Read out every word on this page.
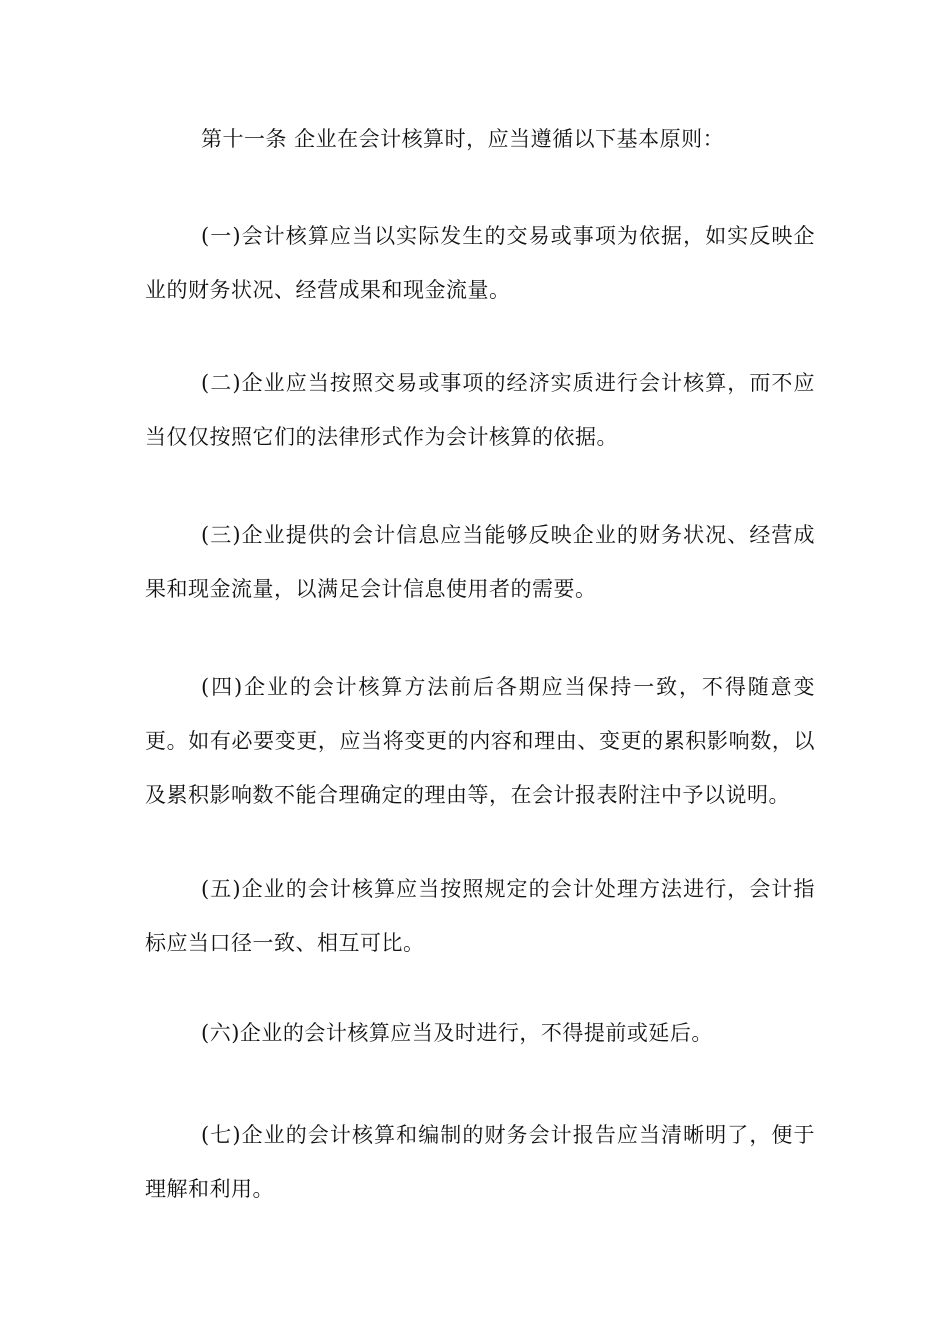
第十一条 企业在会计核算时，应当遵循以下基本原则：

(一)会计核算应当以实际发生的交易或事项为依据，如实反映企业的财务状况、经营成果和现金流量。

(二)企业应当按照交易或事项的经济实质进行会计核算，而不应当仅仅按照它们的法律形式作为会计核算的依据。

(三)企业提供的会计信息应当能够反映企业的财务状况、经营成果和现金流量，以满足会计信息使用者的需要。

(四)企业的会计核算方法前后各期应当保持一致，不得随意变更。如有必要变更，应当将变更的内容和理由、变更的累积影响数，以及累积影响数不能合理确定的理由等，在会计报表附注中予以说明。

(五)企业的会计核算应当按照规定的会计处理方法进行，会计指标应当口径一致、相互可比。

(六)企业的会计核算应当及时进行，不得提前或延后。

(七)企业的会计核算和编制的财务会计报告应当清晰明了，便于理解和利用。
